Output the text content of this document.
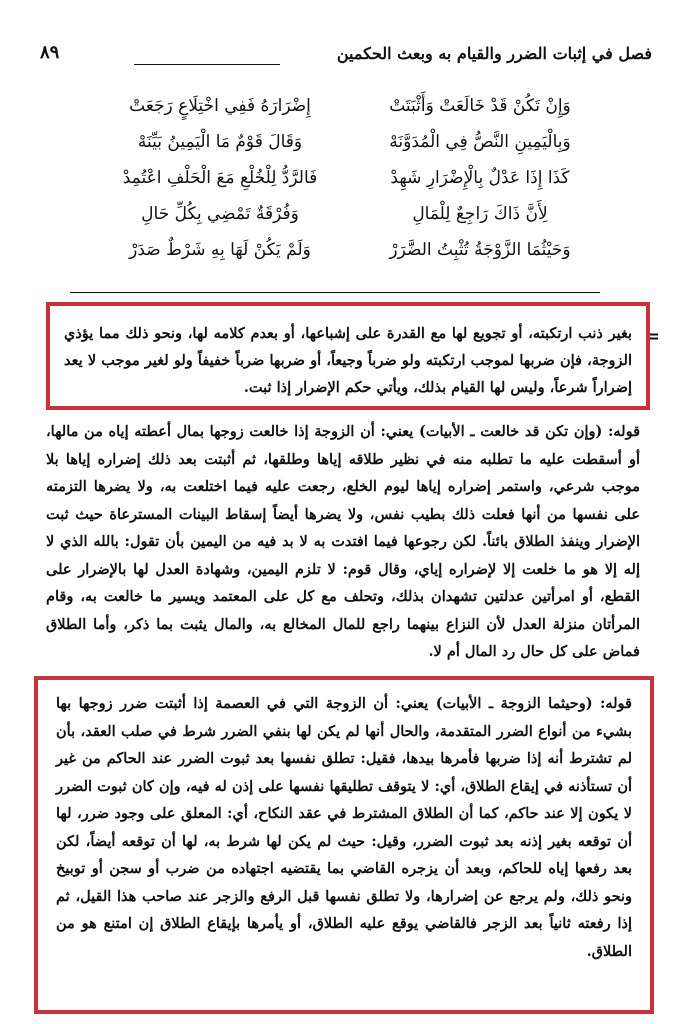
٨٩	فصل في إثبات الضرر والقيام به وبعث الحكمين
وَإِنْ تَكُنْ قَدْ خَالَعَتْ وَأَثْبَتَتْ
إِضْرَارَهُ فَفِي اخْتِلَاعٍ رَجَعَتْ
وَبِالْيَمِينِ النَّصُّ فِي الْمُدَوَّنَهْ
وَقَالَ قَوْمٌ مَا الْيَمِينُ بَيِّنَهْ
كَذَا إِذَا عَدْلٌ بِالْإِضْرَارِ شَهِدْ
فَالرَّدُّ لِلْخُلْعِ مَعَ الْحَلْفِ اعْتُمِدْ
لِأَنَّ ذَاكَ رَاجِعٌ لِلْمَالِ
وَفُرْقَةٌ تَمْضِي بِكُلِّ حَالِ
وَحَيْثُمَا الزَّوْجَةُ تُثْبِتُ الضَّرَرْ
وَلَمْ يَكُنْ لَهَا بِهِ شَرْطٌ صَدَرْ
=
بغير ذنب ارتكبته، أو تجويع لها مع القدرة على إشباعها، أو بعدم كلامه لها، ونحو ذلك مما يؤذي الزوجة، فإن ضربها لموجب ارتكبته ولو ضرباً وجيعاً، أو ضربها ضرباً خفيفاً ولو لغير موجب لا يعد إضراراً شرعاً، وليس لها القيام بذلك، ويأتي حكم الإضرار إذا ثبت.
قوله: (وإن تكن قد خالعت ـ الأبيات) يعني: أن الزوجة إذا خالعت زوجها بمال أعطته إياه من مالها، أو أسقطت عليه ما تطلبه منه في نظير طلاقه إياها وطلقها، ثم أثبتت بعد ذلك إضراره إياها بلا موجب شرعي، واستمر إضراره إياها ليوم الخلع، رجعت عليه فيما اختلعت به، ولا يضرها التزمته على نفسها من أنها فعلت ذلك بطيب نفس، ولا يضرها أيضاً إسقاط البينات المسترعاة حيث ثبت الإضرار وينفذ الطلاق بائناً. لكن رجوعها فيما افتدت به لا بد فيه من اليمين بأن تقول: بالله الذي لا إله إلا هو ما خلعت إلا لإضراره إياي، وقال قوم: لا تلزم اليمين، وشهادة العدل لها بالإضرار على القطع، أو امرأتين عدلتين تشهدان بذلك، وتحلف مع كل على المعتمد ويسير ما خالعت به، وقام المرأتان منزلة العدل لأن النزاع بينهما راجع للمال المخالع به، والمال يثبت بما ذكر، وأما الطلاق فماض على كل حال رد المال أم لا.
قوله: (وحيثما الزوجة ـ الأبيات) يعني: أن الزوجة التي في العصمة إذا أثبتت ضرر زوجها بها بشيء من أنواع الضرر المتقدمة، والحال أنها لم يكن لها بنفي الضرر شرط في صلب العقد، بأن لم تشترط أنه إذا ضربها فأمرها بيدها، فقيل: تطلق نفسها بعد ثبوت الضرر عند الحاكم من غير أن تستأذنه في إيقاع الطلاق، أي: لا يتوقف تطليقها نفسها على إذن له فيه، وإن كان ثبوت الضرر لا يكون إلا عند حاكم، كما أن الطلاق المشترط في عقد النكاح، أي: المعلق على وجود ضرر، لها أن توقعه بغير إذنه بعد ثبوت الضرر، وقيل: حيث لم يكن لها شرط به، لها أن توقعه أيضاً، لكن بعد رفعها إياه للحاكم، وبعد أن يزجره القاضي بما يقتضيه اجتهاده من ضرب أو سجن أو توبيخ ونحو ذلك، ولم يرجع عن إضرارها، ولا تطلق نفسها قبل الرفع والزجر عند صاحب هذا القيل، ثم إذا رفعته ثانياً بعد الزجر فالقاضي يوقع عليه الطلاق، أو يأمرها بإيقاع الطلاق إن امتنع هو من الطلاق.
